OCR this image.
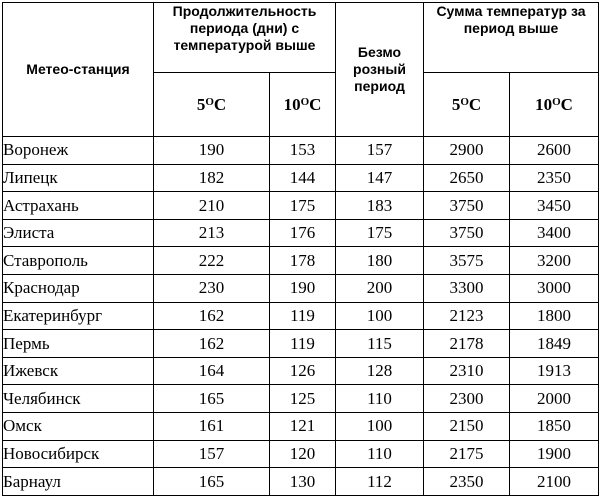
Метео-станция	Продолжительность периода (дни) с температурой выше		Безмо розный период	Сумма температур за период выше	
	$5^OC$	$10^OC$		$5^OC$	$10^OC$
Воронеж	190	153	157	2900	2600
Липецк	182	144	147	2650	2350
Астрахань	210	175	183	3750	3450
Элиста	213	176	175	3750	3400
Ставрополь	222	178	180	3575	3200
Краснодар	230	190	200	3300	3000
Екатеринбург	162	119	100	2123	1800
Пермь	162	119	115	2178	1849
Ижевск	164	126	128	2310	1913
Челябинск	165	125	110	2300	2000
Омск	161	121	100	2150	1850
Новосибирск	157	120	110	2175	1900
Барнаул	165	130	112	2350	2100
